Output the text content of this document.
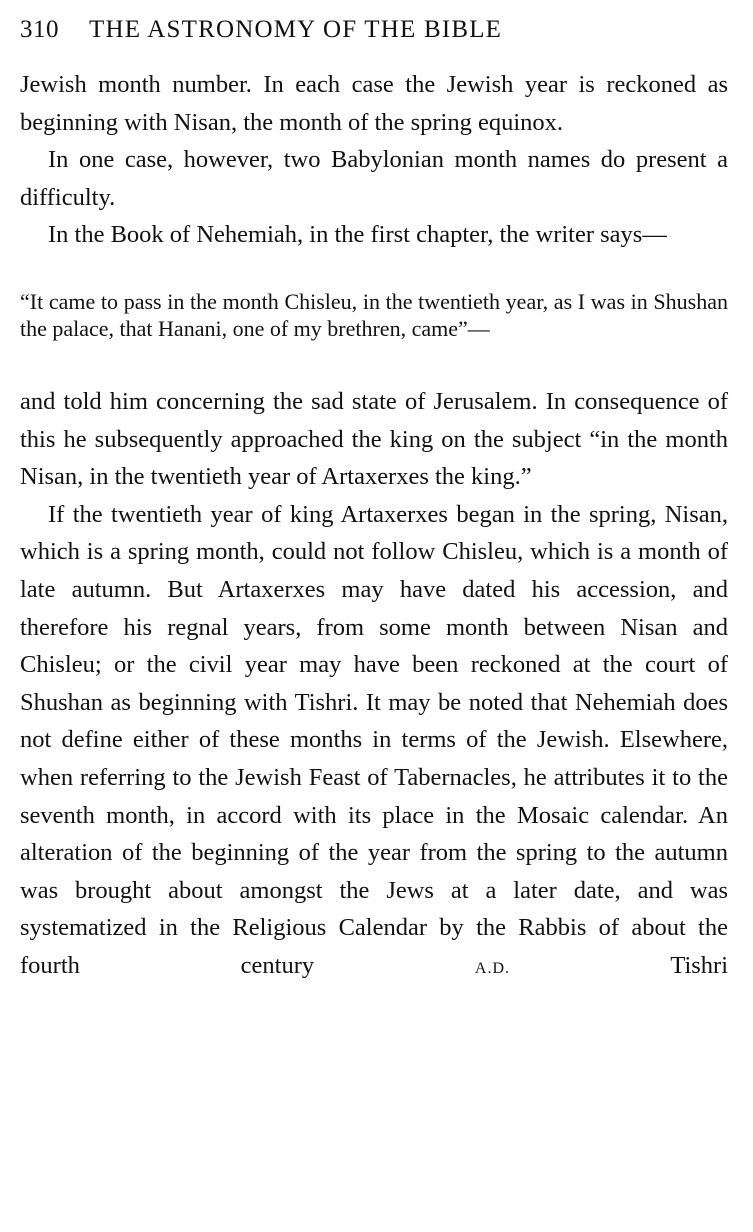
310 THE ASTRONOMY OF THE BIBLE

Jewish month number. In each case the Jewish year is reckoned as beginning with Nisan, the month of the spring equinox.

In one case, however, two Babylonian month names do present a difficulty.

In the Book of Nehemiah, in the first chapter, the writer says—

“It came to pass in the month Chisleu, in the twentieth year, as I was in Shushan the palace, that Hanani, one of my brethren, came”—

and told him concerning the sad state of Jerusalem. In consequence of this he subsequently approached the king on the subject “in the month Nisan, in the twentieth year of Artaxerxes the king.”

If the twentieth year of king Artaxerxes began in the spring, Nisan, which is a spring month, could not follow Chisleu, which is a month of late autumn. But Artaxerxes may have dated his accession, and therefore his regnal years, from some month between Nisan and Chisleu; or the civil year may have been reckoned at the court of Shushan as beginning with Tishri. It may be noted that Nehemiah does not define either of these months in terms of the Jewish. Elsewhere, when referring to the Jewish Feast of Tabernacles, he attributes it to the seventh month, in accord with its place in the Mosaic calendar. An alteration of the beginning of the year from the spring to the autumn was brought about amongst the Jews at a later date, and was systematized in the Religious Calendar by the Rabbis of about the fourth century	A.D.	Tishri
